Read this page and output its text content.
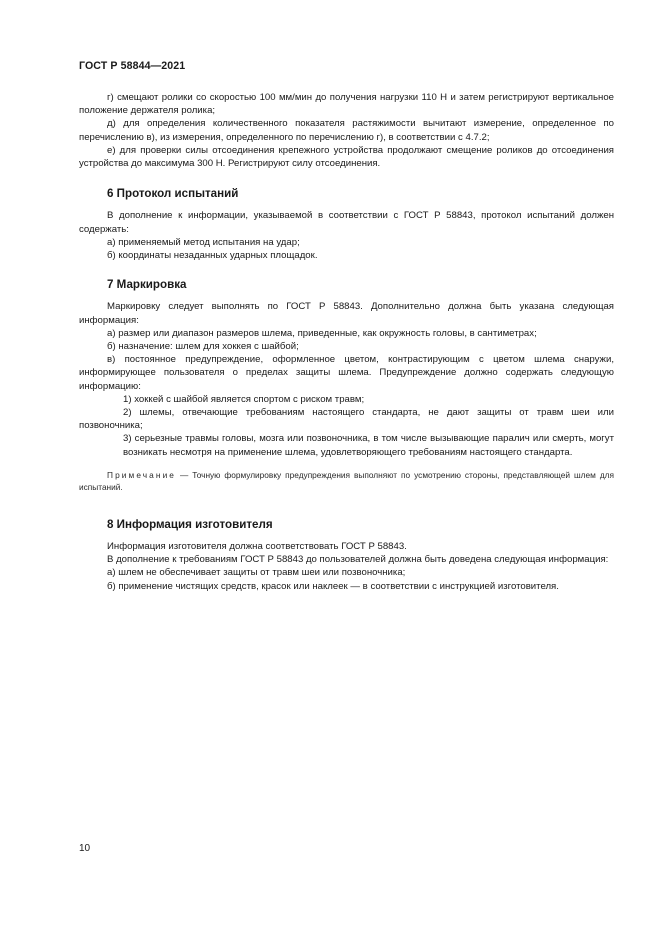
ГОСТ Р 58844—2021

г) смещают ролики со скоростью 100 мм/мин до получения нагрузки 110 Н и затем регистрируют вертикальное положение держателя ролика;

д) для определения количественного показателя растяжимости вычитают измерение, определенное по перечислению в), из измерения, определенного по перечислению г), в соответствии с 4.7.2;

е) для проверки силы отсоединения крепежного устройства продолжают смещение роликов до отсоединения устройства до максимума 300 Н. Регистрируют силу отсоединения.

6 Протокол испытаний

В дополнение к информации, указываемой в соответствии с ГОСТ Р 58843, протокол испытаний должен содержать:

а) применяемый метод испытания на удар;

б) координаты незаданных ударных площадок.

7 Маркировка

Маркировку следует выполнять по ГОСТ Р 58843. Дополнительно должна быть указана следующая информация:

а) размер или диапазон размеров шлема, приведенные, как окружность головы, в сантиметрах;

б) назначение: шлем для хоккея с шайбой;

в) постоянное предупреждение, оформленное цветом, контрастирующим с цветом шлема снаружи, информирующее пользователя о пределах защиты шлема. Предупреждение должно содержать следующую информацию:

1) хоккей с шайбой является спортом с риском травм;

2) шлемы, отвечающие требованиям настоящего стандарта, не дают защиты от травм шеи или позвоночника;

3) серьезные травмы головы, мозга или позвоночника, в том числе вызывающие паралич или смерть, могут возникать несмотря на применение шлема, удовлетворяющего требованиям настоящего стандарта.

Примечание — Точную формулировку предупреждения выполняют по усмотрению стороны, представляющей шлем для испытаний.

8 Информация изготовителя

Информация изготовителя должна соответствовать ГОСТ Р 58843.

В дополнение к требованиям ГОСТ Р 58843 до пользователей должна быть доведена следующая информация:

а) шлем не обеспечивает защиты от травм шеи или позвоночника;

б) применение чистящих средств, красок или наклеек — в соответствии с инструкцией изготовителя.

10
